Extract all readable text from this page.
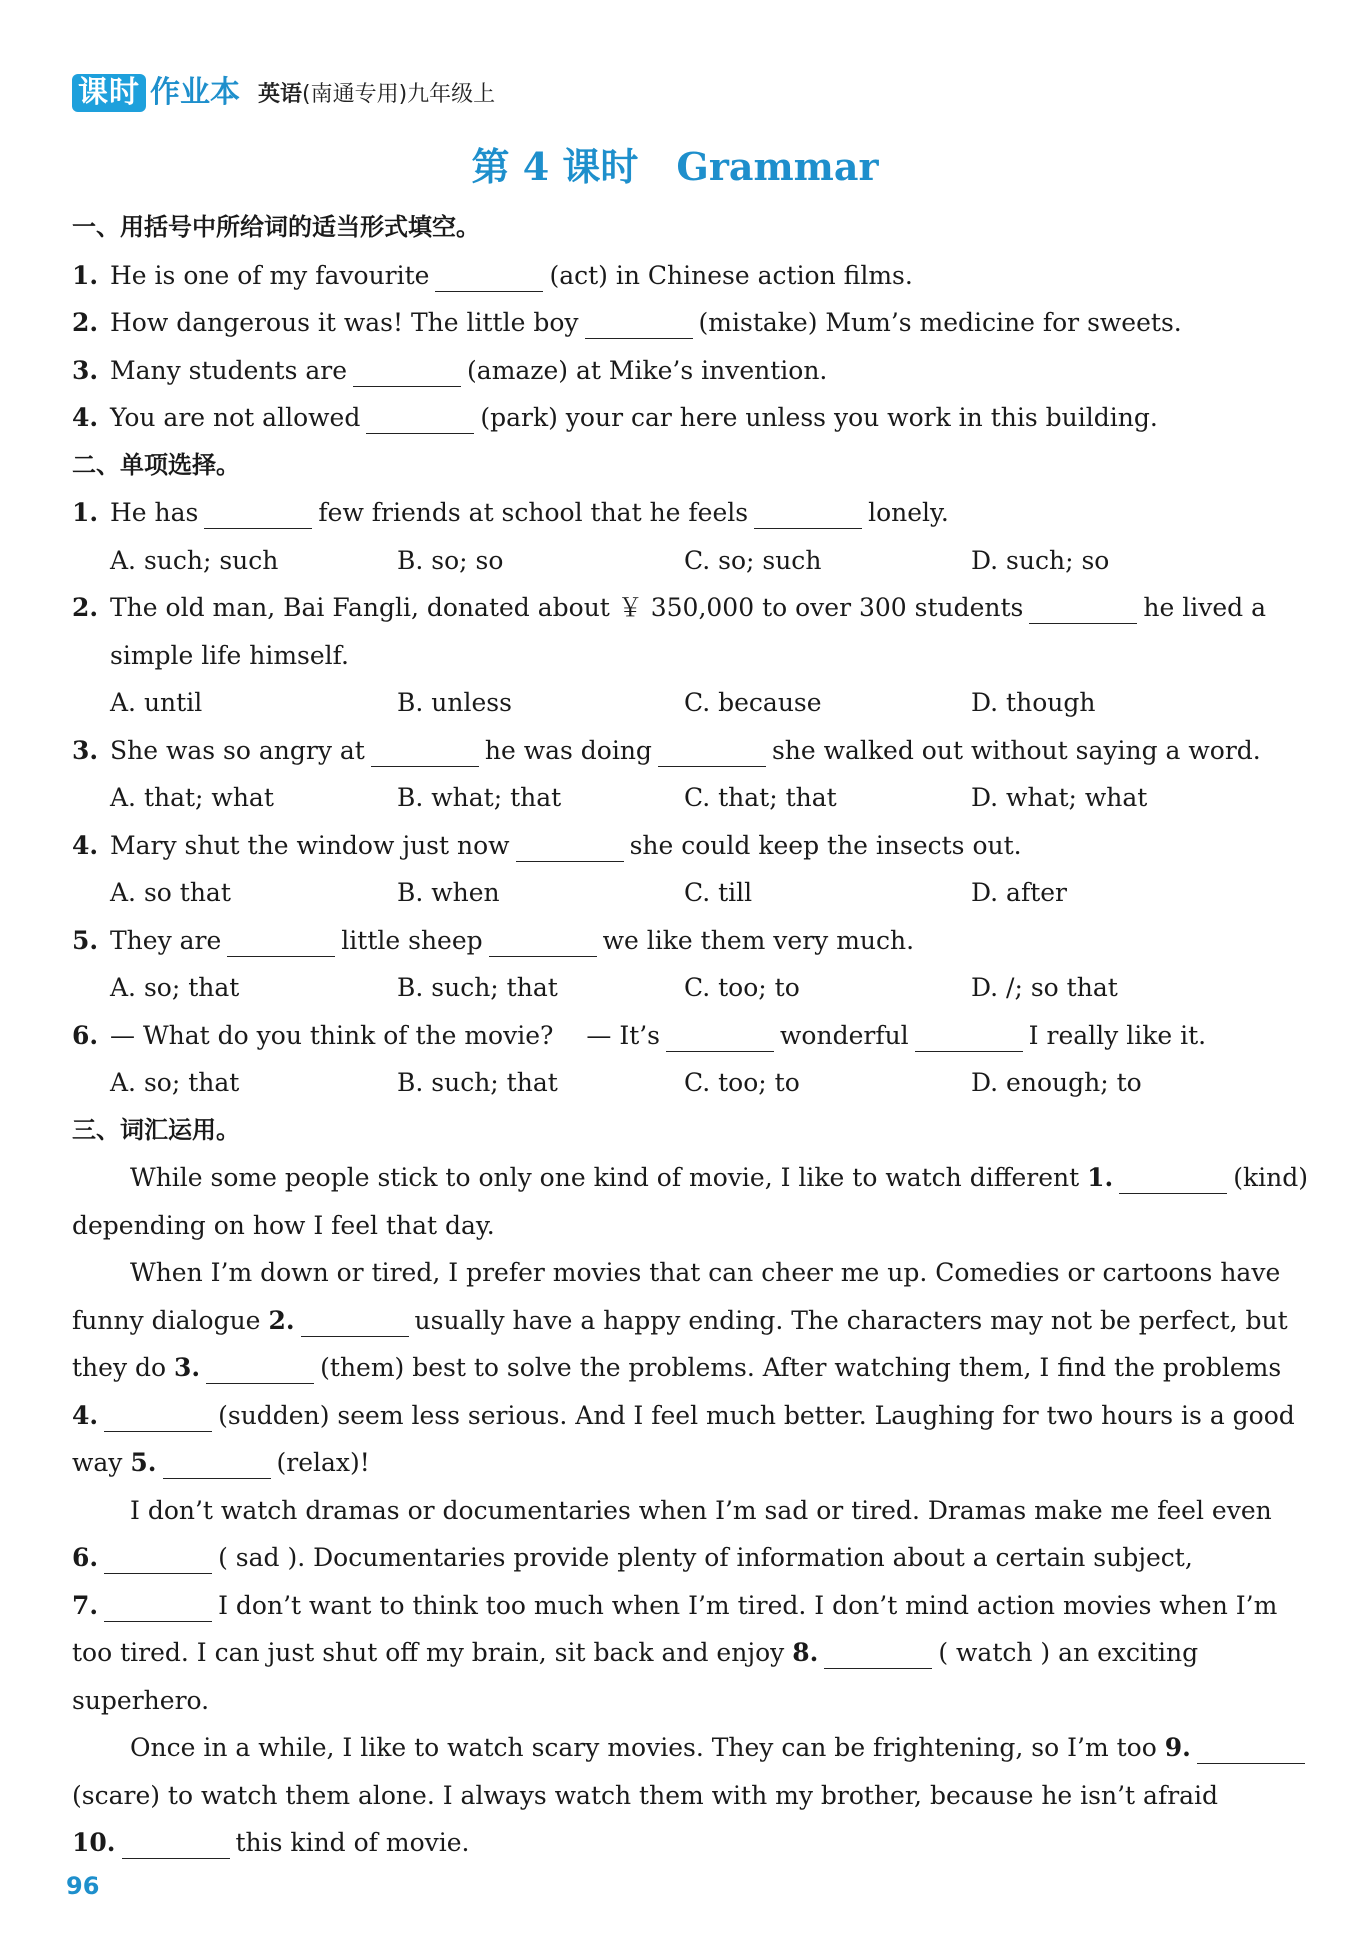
课时 作业本 英语(南通专用)九年级上
第 4 课时　Grammar
一、用括号中所给词的适当形式填空。
1. He is one of my favourite	(act) in Chinese action films.
2. How dangerous it was! The little boy	(mistake) Mum’s medicine for sweets.
3. Many students are	(amaze) at Mike’s invention.
4. You are not allowed	(park) your car here unless you work in this building.
二、单项选择。
1. He has	few friends at school that he feels	lonely.
A. such; such	B. so; so	C. so; such	D. such; so
2. The old man, Bai Fangli, donated about ￥ 350,000 to over 300 students	he lived a
simple life himself.
A. until	B. unless	C. because	D. though
3. She was so angry at	he was doing	she walked out without saying a word.
A. that; what	B. what; that	C. that; that	D. what; what
4. Mary shut the window just now	she could keep the insects out.
A. so that	B. when	C. till	D. after
5. They are	little sheep	we like them very much.
A. so; that	B. such; that	C. too; to	D. /; so that
6. — What do you think of the movie?　 — It’s	wonderful	I really like it.
A. so; that	B. such; that	C. too; to	D. enough; to
三、词汇运用。
While some people stick to only one kind of movie, I like to watch different 1.	(kind)
depending on how I feel that day.
When I’m down or tired, I prefer movies that can cheer me up. Comedies or cartoons have
funny dialogue 2.	usually have a happy ending. The characters may not be perfect, but
they do 3.	(them) best to solve the problems. After watching them, I find the problems
4.	(sudden) seem less serious. And I feel much better. Laughing for two hours is a good
way 5.	(relax)!
I don’t watch dramas or documentaries when I’m sad or tired. Dramas make me feel even
6.	( sad ). Documentaries provide plenty of information about a certain subject,
7.	I don’t want to think too much when I’m tired. I don’t mind action movies when I’m
too tired. I can just shut off my brain, sit back and enjoy 8.	( watch ) an exciting
superhero.
Once in a while, I like to watch scary movies. They can be frightening, so I’m too 9.
(scare) to watch them alone. I always watch them with my brother, because he isn’t afraid
10.	this kind of movie.
96
